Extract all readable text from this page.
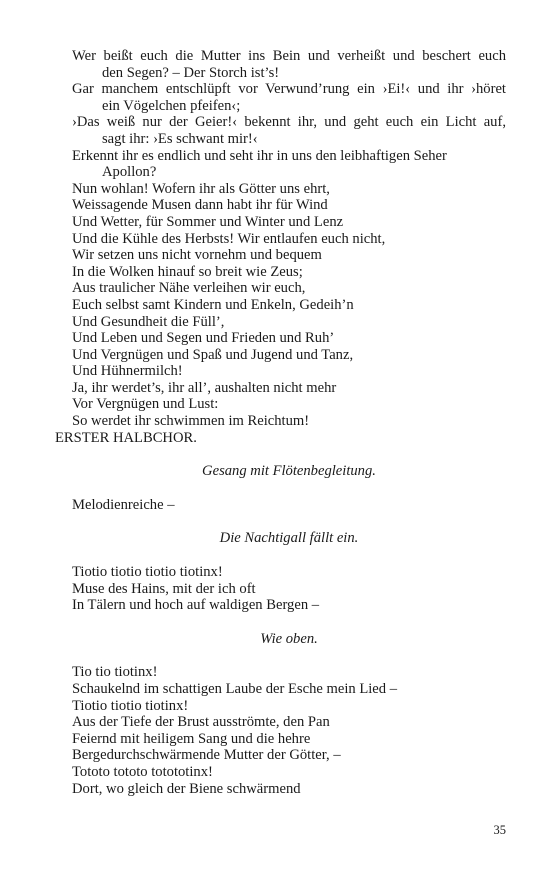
Wer beißt euch die Mutter ins Bein und verheißt und beschert euch
den Segen? – Der Storch ist’s!
Gar manchem entschlüpft vor Verwund’rung ein ›Ei!‹ und ihr ›höret
ein Vögelchen pfeifen‹;
›Das weiß nur der Geier!‹ bekennt ihr, und geht euch ein Licht auf,
sagt ihr: ›Es schwant mir!‹
Erkennt ihr es endlich und seht ihr in uns den leibhaftigen Seher
Apollon?
Nun wohlan! Wofern ihr als Götter uns ehrt,
Weissagende Musen dann habt ihr für Wind
Und Wetter, für Sommer und Winter und Lenz
Und die Kühle des Herbsts! Wir entlaufen euch nicht,
Wir setzen uns nicht vornehm und bequem
In die Wolken hinauf so breit wie Zeus;
Aus traulicher Nähe verleihen wir euch,
Euch selbst samt Kindern und Enkeln, Gedeih’n
Und Gesundheit die Füll’,
Und Leben und Segen und Frieden und Ruh’
Und Vergnügen und Spaß und Jugend und Tanz,
Und Hühnermilch!
Ja, ihr werdet’s, ihr all’, aushalten nicht mehr
Vor Vergnügen und Lust:
So werdet ihr schwimmen im Reichtum!
ERSTER HALBCHOR.
Gesang mit Flötenbegleitung.
Melodienreiche –
Die Nachtigall fällt ein.
Tiotio tiotio tiotio tiotinx!
Muse des Hains, mit der ich oft
In Tälern und hoch auf waldigen Bergen –
Wie oben.
Tio tio tiotinx!
Schaukelnd im schattigen Laube der Esche mein Lied –
Tiotio tiotio tiotinx!
Aus der Tiefe der Brust ausströmte, den Pan
Feiernd mit heiligem Sang und die hehre
Bergedurchschwärmende Mutter der Götter, –
Tototo tototo totototinx!
Dort, wo gleich der Biene schwärmend
35
